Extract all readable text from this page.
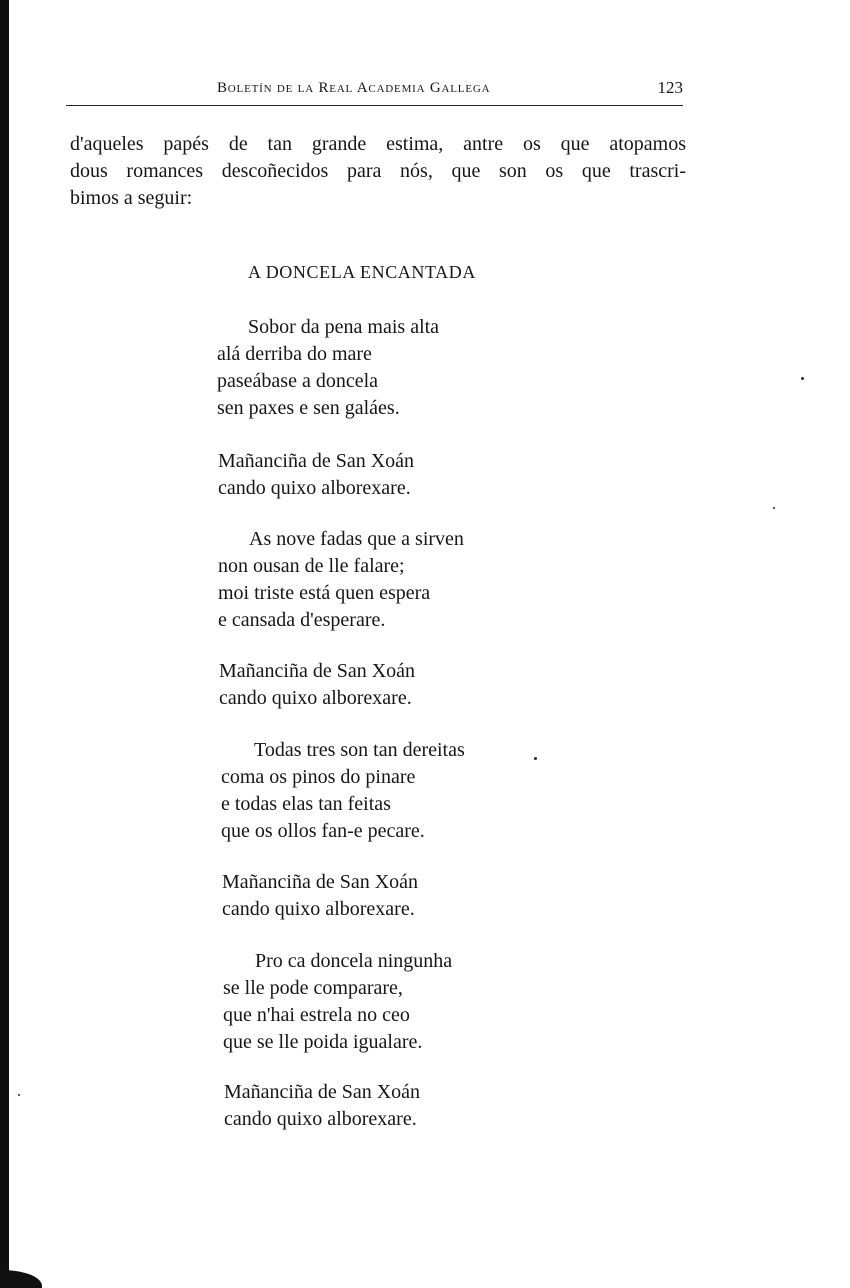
Boletín de la Real Academia Gallega	123
d'aqueles papés de tan grande estima, antre os que atopamos
dous romances descoñecidos para nós, que son os que trascri-
bimos a seguir:
A DONCELA ENCANTADA
Sobor da pena mais alta
alá derriba do mare
paseábase a doncela
sen paxes e sen galáes.
Mañanciña de San Xoán
cando quixo alborexare.
As nove fadas que a sirven
non ousan de lle falare;
moi triste está quen espera
e cansada d'esperare.
Mañanciña de San Xoán
cando quixo alborexare.
Todas tres son tan dereitas
coma os pinos do pinare
e todas elas tan feitas
que os ollos fan-e pecare.
Mañanciña de San Xoán
cando quixo alborexare.
Pro ca doncela ningunha
se lle pode comparare,
que n'hai estrela no ceo
que se lle poida igualare.
Mañanciña de San Xoán
cando quixo alborexare.
